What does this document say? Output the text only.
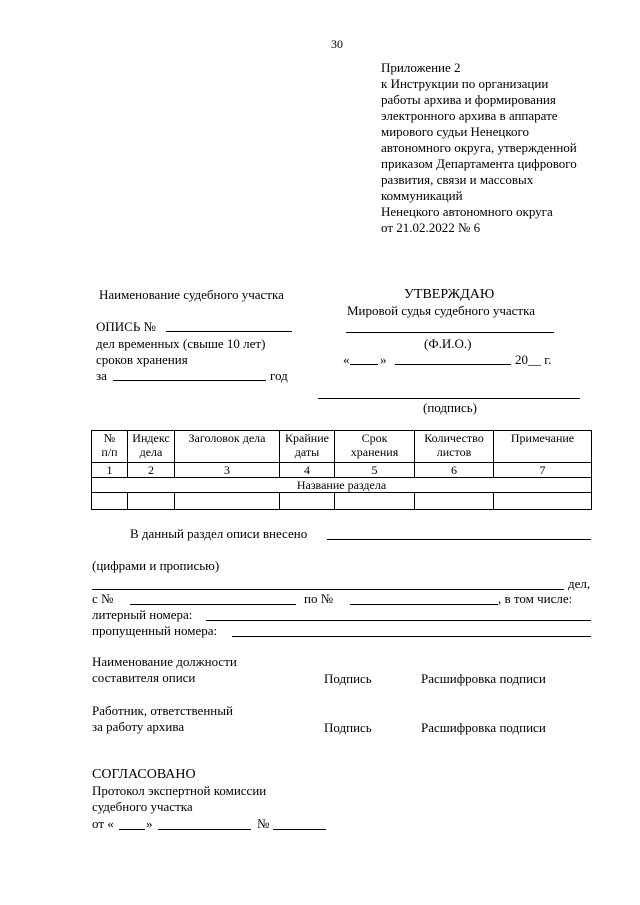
30
Приложение 2
к Инструкции по организации
работы архива и формирования
электронного архива в аппарате
мирового судьи Ненецкого
автономного округа, утвержденной
приказом Департамента цифрового
развития, связи и массовых
коммуникаций
Ненецкого автономного округа
от 21.02.2022 № 6
Наименование судебного участка
ОПИСЬ №
дел временных (свыше 10 лет)
сроков хранения
за	год
УТВЕРЖДАЮ
Мировой судья судебного участка
(Ф.И.О.)
« »	20__ г.
(подпись)
№ п/п	Индекс дела	Заголовок дела	Крайние даты	Срок хранения	Количество листов	Примечание
1	2	3	4	5	6	7
Название раздела						

В данный раздел описи внесено
(цифрами и прописью)
дел,
с №	по №	, в том числе:
литерный номера:
пропущенный номера:
Наименование должности
составителя описи	Подпись	Расшифровка подписи
Работник, ответственный
за работу архива	Подпись	Расшифровка подписи
СОГЛАСОВАНО
Протокол экспертной комиссии
судебного участка
от « »	№
